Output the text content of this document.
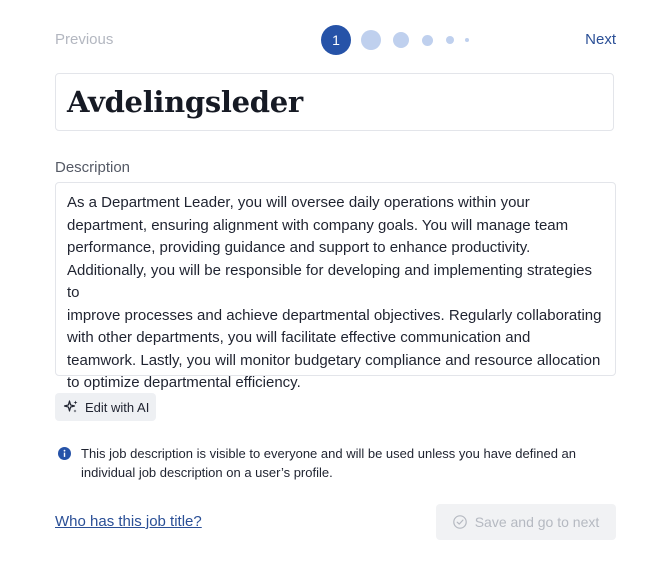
Previous	1	Next
Avdelingsleder
Description
As a Department Leader, you will oversee daily operations within your
department, ensuring alignment with company goals. You will manage team
performance, providing guidance and support to enhance productivity.
Additionally, you will be responsible for developing and implementing strategies to
improve processes and achieve departmental objectives. Regularly collaborating
with other departments, you will facilitate effective communication and
teamwork. Lastly, you will monitor budgetary compliance and resource allocation
to optimize departmental efficiency.
Edit with AI
This job description is visible to everyone and will be used unless you have defined an
individual job description on a user’s profile.
Who has this job title?	Save and go to next
